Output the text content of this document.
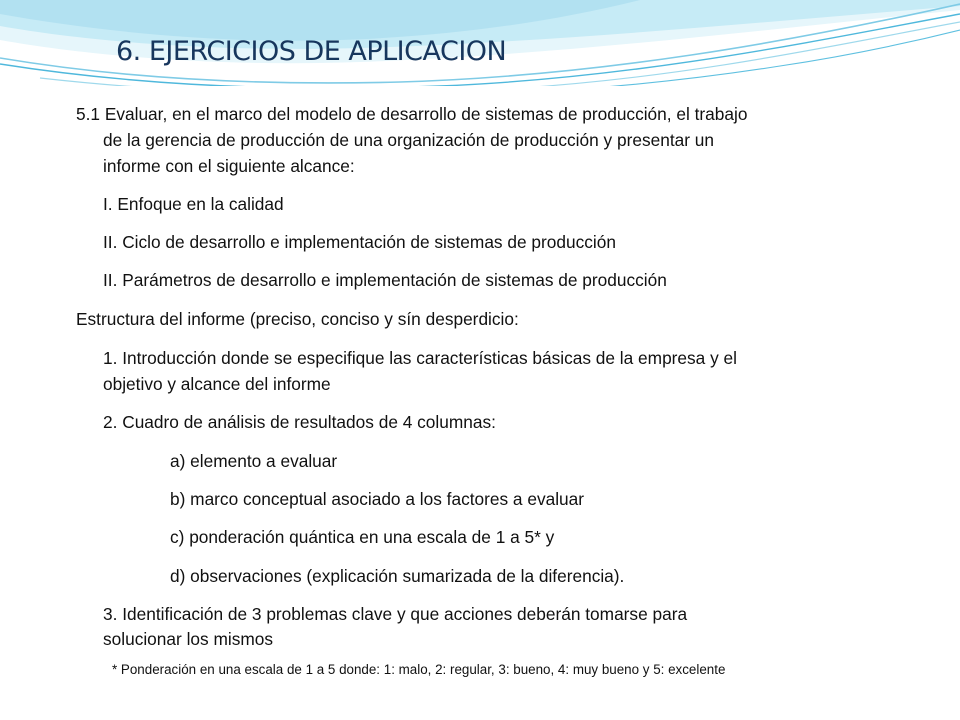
6. EJERCICIOS DE APLICACION
5.1 Evaluar, en el marco del modelo de desarrollo de sistemas de producción, el trabajo
de la gerencia de producción de una organización de producción y presentar un
informe con el siguiente alcance:
I. Enfoque en la calidad
II. Ciclo de desarrollo e implementación de sistemas de producción
II. Parámetros de desarrollo e implementación de sistemas de producción
Estructura del informe (preciso, conciso y sín desperdicio:
1. Introducción donde se especifique las características básicas de la empresa y el
objetivo y alcance del informe
2. Cuadro de análisis de resultados de 4 columnas:
a) elemento a evaluar
b) marco conceptual asociado a los factores a evaluar
c) ponderación quántica en una escala de 1 a 5* y
d) observaciones (explicación sumarizada de la diferencia).
3. Identificación de 3 problemas clave y que acciones deberán tomarse para
solucionar los mismos
* Ponderación en una escala de 1 a 5 donde: 1: malo, 2: regular, 3: bueno, 4: muy bueno y 5: excelente
